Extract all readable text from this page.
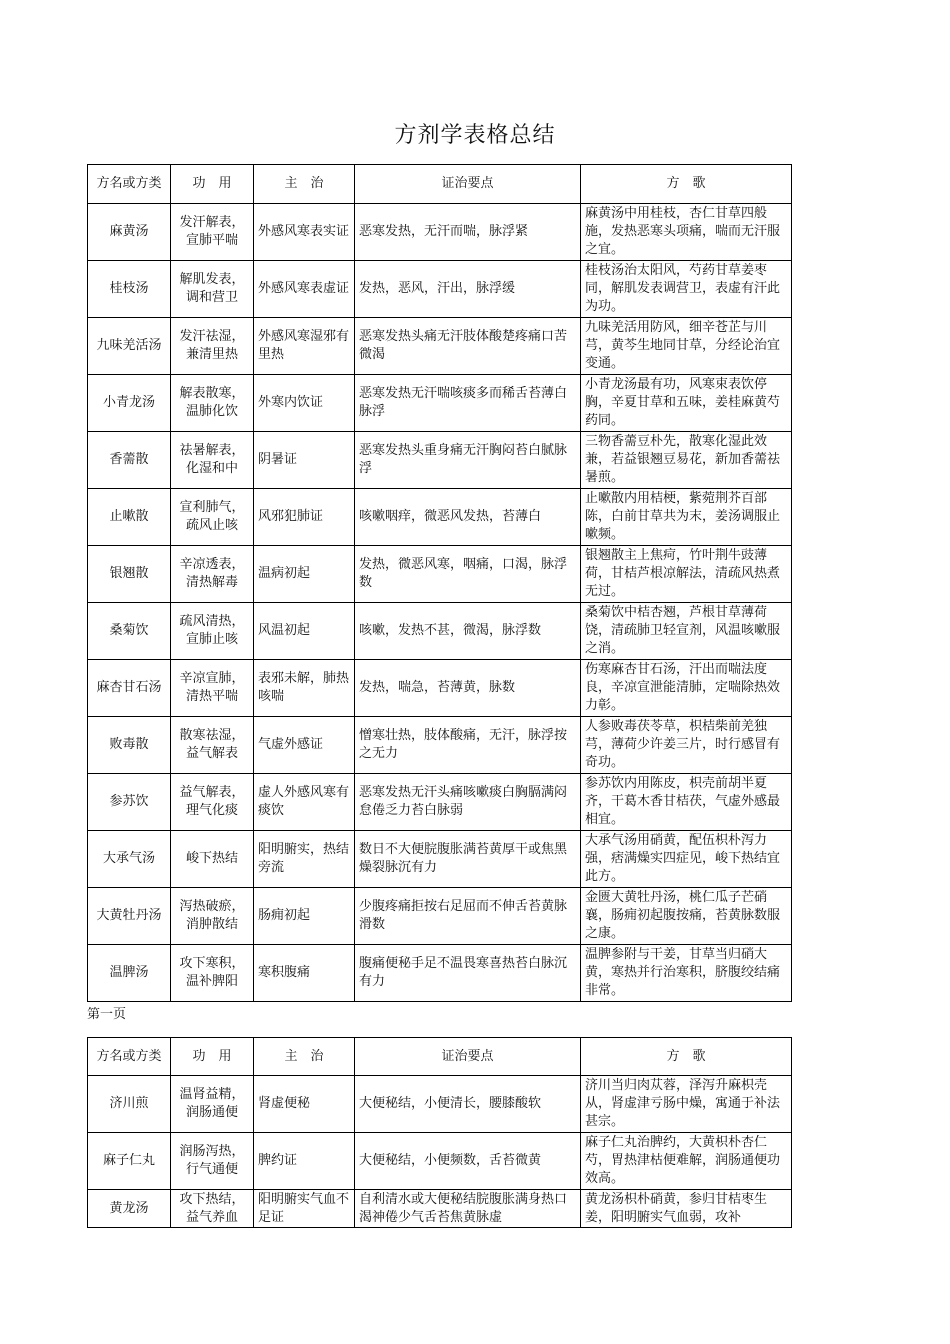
方剂学表格总结
方名或方类	功　用	主　治	证治要点	方　歌
麻黄汤	发汗解表，宣肺平喘	外感风寒表实证	恶寒发热，无汗而喘，脉浮紧	麻黄汤中用桂枝，杏仁甘草四般施，发热恶寒头项痛，喘而无汗服之宜。

桂枝汤	解肌发表，调和营卫	外感风寒表虚证	发热，恶风，汗出，脉浮缓	桂枝汤治太阳风，芍药甘草姜枣同，解肌发表调营卫，表虚有汗此为功。

九味羌活汤	发汗祛湿，兼清里热	外感风寒湿邪有里热	恶寒发热头痛无汗肢体酸楚疼痛口苦微渴	九味羌活用防风，细辛苍芷与川芎，黄芩生地同甘草，分经论治宜变通。

小青龙汤	解表散寒，温肺化饮	外寒内饮证	恶寒发热无汗喘咳痰多而稀舌苔薄白脉浮	小青龙汤最有功，风寒束表饮停胸，辛夏甘草和五味，姜桂麻黄芍药同。

香薷散	祛暑解表，化湿和中	阴暑证	恶寒发热头重身痛无汗胸闷苔白腻脉浮	三物香薷豆朴先，散寒化湿此效兼，若益银翘豆易花，新加香薷祛暑煎。

止嗽散	宣利肺气，疏风止咳	风邪犯肺证	咳嗽咽痒，微恶风发热，苔薄白	止嗽散内用桔梗，紫菀荆芥百部陈，白前甘草共为末，姜汤调服止嗽频。

银翘散	辛凉透表，清热解毒	温病初起	发热，微恶风寒，咽痛，口渴，脉浮数	银翘散主上焦疴，竹叶荆牛豉薄荷，甘桔芦根凉解法，清疏风热煮无过。

桑菊饮	疏风清热，宣肺止咳	风温初起	咳嗽，发热不甚，微渴，脉浮数	桑菊饮中桔杏翘，芦根甘草薄荷饶，清疏肺卫轻宣剂，风温咳嗽服之消。

麻杏甘石汤	辛凉宣肺，清热平喘	表邪未解，肺热咳喘	发热，喘急，苔薄黄，脉数	伤寒麻杏甘石汤，汗出而喘法度良，辛凉宣泄能清肺，定喘除热效力彰。

败毒散	散寒祛湿，益气解表	气虚外感证	憎寒壮热，肢体酸痛，无汗，脉浮按之无力	人参败毒茯苓草，枳桔柴前羌独芎，薄荷少许姜三片，时行感冒有奇功。

参苏饮	益气解表，理气化痰	虚人外感风寒有痰饮	恶寒发热无汗头痛咳嗽痰白胸膈满闷怠倦乏力苔白脉弱	参苏饮内用陈皮，枳壳前胡半夏齐，干葛木香甘桔茯，气虚外感最相宜。

大承气汤	峻下热结	阳明腑实，热结旁流	数日不大便脘腹胀满苔黄厚干或焦黑燥裂脉沉有力	大承气汤用硝黄，配伍枳朴泻力强，痞满燥实四症见，峻下热结宜此方。

大黄牡丹汤	泻热破瘀，消肿散结	肠痈初起	少腹疼痛拒按右足屈而不伸舌苔黄脉滑数	金匮大黄牡丹汤，桃仁瓜子芒硝襄，肠痈初起腹按痛，苔黄脉数服之康。

温脾汤	攻下寒积，温补脾阳	寒积腹痛	腹痛便秘手足不温畏寒喜热苔白脉沉有力	温脾参附与干姜，甘草当归硝大黄，寒热并行治寒积，脐腹绞结痛非常。
第一页
方名或方类	功　用	主　治	证治要点	方　歌
济川煎	温肾益精，润肠通便	肾虚便秘	大便秘结，小便清长，腰膝酸软	济川当归肉苁蓉，泽泻升麻枳壳从，肾虚津亏肠中燥，寓通于补法甚宗。

麻子仁丸	润肠泻热，行气通便	脾约证	大便秘结，小便频数，舌苔微黄	麻子仁丸治脾约，大黄枳朴杏仁芍，胃热津枯便难解，润肠通便功效高。

黄龙汤	攻下热结，益气养血	阳明腑实气血不足证	自利清水或大便秘结脘腹胀满身热口渴神倦少气舌苔焦黄脉虚	黄龙汤枳朴硝黄，参归甘桔枣生姜，阳明腑实气血弱，攻补
